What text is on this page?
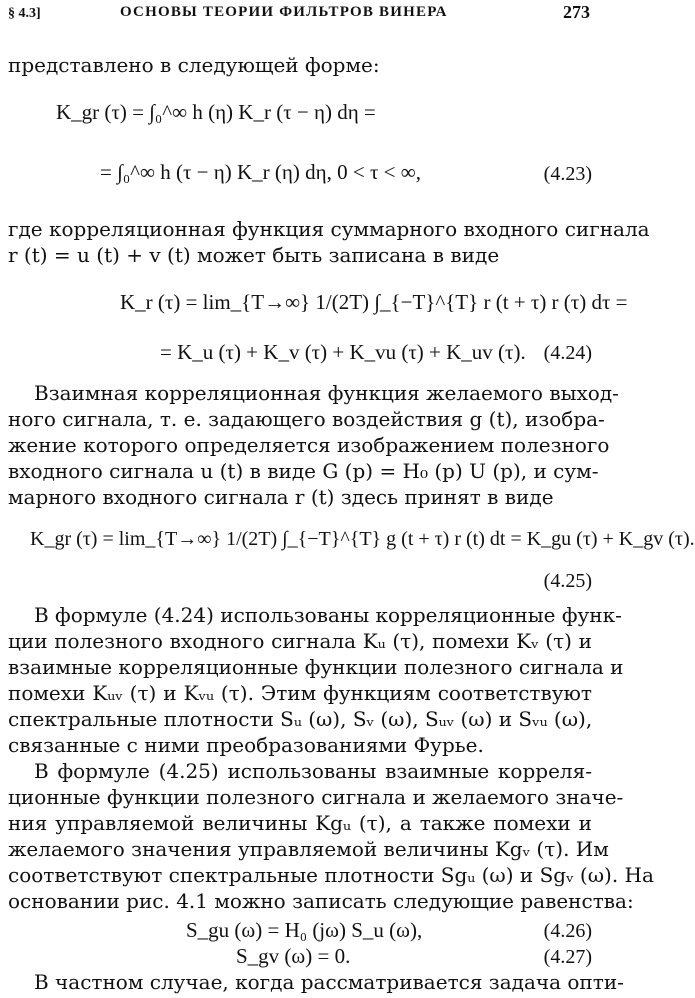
§ 4.3]	ОСНОВЫ ТЕОРИИ ФИЛЬТРОВ ВИНЕРА	273
представлено в следующей форме:
K_gr (τ) = ∫₀^∞ h (η) K_r (τ − η) dη =
= ∫₀^∞ h (τ − η) K_r (η) dη, 0 < τ < ∞,	(4.23)
где корреляционная функция суммарного входного сигнала
r (t) = u (t) + v (t) может быть записана в виде
K_r (τ) = lim_{T→∞} 1/(2T) ∫_{−T}^{T} r (t + τ) r (τ) dτ =
= K_u (τ) + K_v (τ) + K_vu (τ) + K_uv (τ). (4.24)
Взаимная корреляционная функция желаемого выход-
ного сигнала, т. е. задающего воздействия g (t), изобра-
жение которого определяется изображением полезного
входного сигнала u (t) в виде G (p) = H₀ (p) U (p), и сум-
марного входного сигнала r (t) здесь принят в виде
K_gr (τ) = lim_{T→∞} 1/(2T) ∫_{−T}^{T} g (t + τ) r (t) dt = K_gu (τ) + K_gv (τ).
(4.25)
В формуле (4.24) использованы корреляционные функ-
ции полезного входного сигнала Kᵤ (τ), помехи Kᵥ (τ) и
взаимные корреляционные функции полезного сигнала и
помехи Kᵤᵥ (τ) и Kᵥᵤ (τ). Этим функциям соответствуют
спектральные плотности Sᵤ (ω), Sᵥ (ω), Sᵤᵥ (ω) и Sᵥᵤ (ω),
связанные с ними преобразованиями Фурье.
В формуле (4.25) использованы взаимные корреля-
ционные функции полезного сигнала и желаемого значе-
ния управляемой величины Kgᵤ (τ), а также помехи и
желаемого значения управляемой величины Kgᵥ (τ). Им
соответствуют спектральные плотности Sgᵤ (ω) и Sgᵥ (ω). На
основании рис. 4.1 можно записать следующие равенства:
S_gu (ω) = H₀ (jω) S_u (ω),	(4.26)
S_gv (ω) = 0.	(4.27)
В частном случае, когда рассматривается задача опти-
